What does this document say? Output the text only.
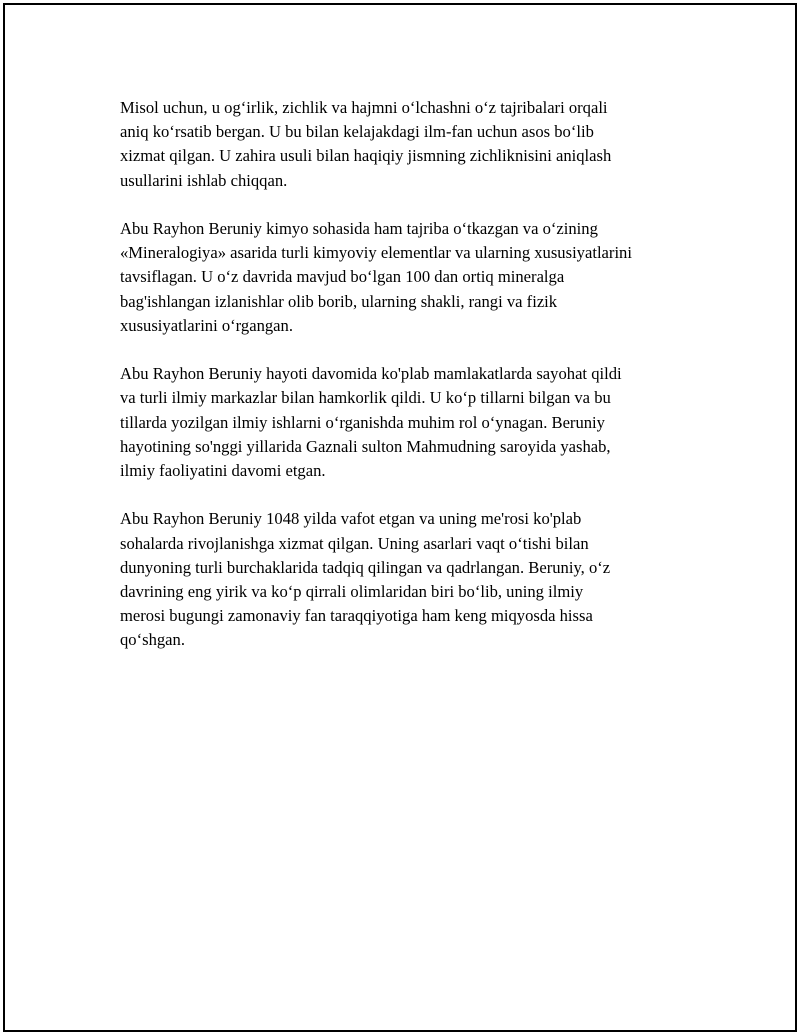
Misol uchun, u ogʻirlik, zichlik va hajmni oʻlchashni oʻz tajribalari orqali
aniq koʻrsatib bergan. U bu bilan kelajakdagi ilm-fan uchun asos boʻlib
xizmat qilgan. U zahira usuli bilan haqiqiy jismning zichliknisini aniqlash
usullarini ishlab chiqqan.

Abu Rayhon Beruniy kimyo sohasida ham tajriba oʻtkazgan va oʻzining
«Mineralogiya» asarida turli kimyoviy elementlar va ularning xususiyatlarini
tavsiflagan. U oʻz davrida mavjud boʻlgan 100 dan ortiq mineralga
bag'ishlangan izlanishlar olib borib, ularning shakli, rangi va fizik
xususiyatlarini oʻrgangan.

Abu Rayhon Beruniy hayoti davomida ko'plab mamlakatlarda sayohat qildi
va turli ilmiy markazlar bilan hamkorlik qildi. U koʻp tillarni bilgan va bu
tillarda yozilgan ilmiy ishlarni oʻrganishda muhim rol oʻynagan. Beruniy
hayotining so'nggi yillarida Gaznali sulton Mahmudning saroyida yashab,
ilmiy faoliyatini davomi etgan.

Abu Rayhon Beruniy 1048 yilda vafot etgan va uning me'rosi ko'plab
sohalarda rivojlanishga xizmat qilgan. Uning asarlari vaqt oʻtishi bilan
dunyoning turli burchaklarida tadqiq qilingan va qadrlangan. Beruniy, oʻz
davrining eng yirik va koʻp qirrali olimlaridan biri boʻlib, uning ilmiy
merosi bugungi zamonaviy fan taraqqiyotiga ham keng miqyosda hissa
qoʻshgan.
